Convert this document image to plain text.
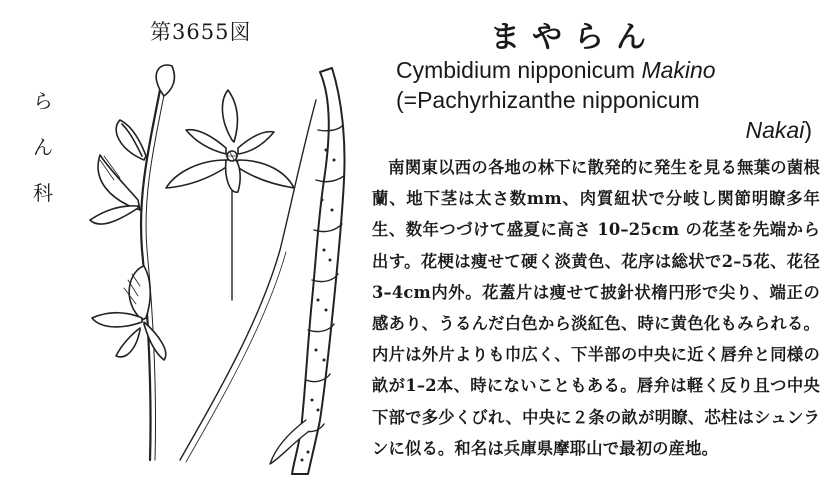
第3655図
ら
ん
科
まやらん
Cymbidium nipponicum Makino
(=Pachyrhizanthe nipponicum
Nakai)
南関東以西の各地の林下に散発的に発生を見る無葉の菌根蘭、地下茎は太さ数mm、肉質紐状で分岐し関節明瞭多年生、数年つづけて盛夏に高さ 10–25cm の花茎を先端から出す。花梗は痩せて硬く淡黄色、花序は総状で2–5花、花径3–4cm内外。花蓋片は痩せて披針状楕円形で尖り、端正の感あり、うるんだ白色から淡紅色、時に黄色化もみられる。内片は外片よりも巾広く、下半部の中央に近く唇弁と同様の畝が1–2本、時にないこともある。唇弁は軽く反り且つ中央下部で多少くびれ、中央に２条の畝が明瞭、芯柱はシュンランに似る。和名は兵庫県摩耶山で最初の産地。
